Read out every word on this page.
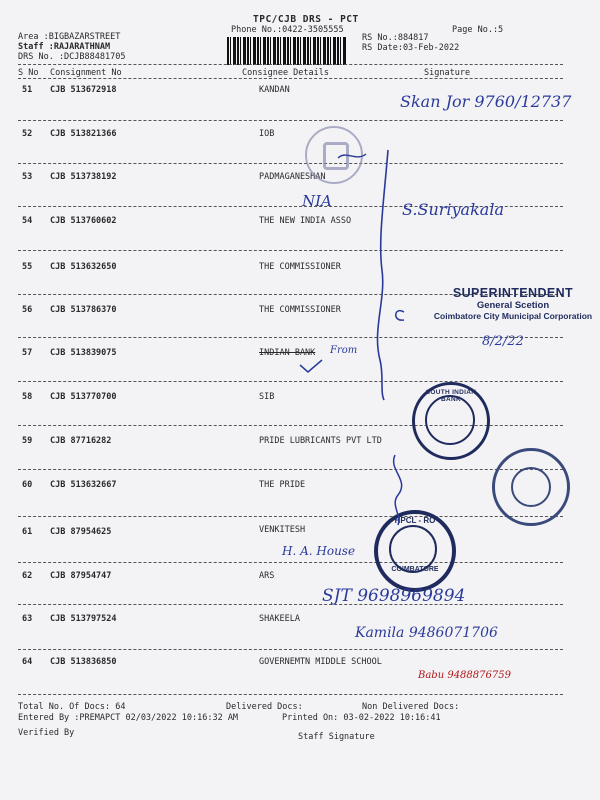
TPC/CJB DRS - PCT
Phone No.:0422-3505555	Page No.:5
Area :BIGBAZARSTREET
Staff :RAJARATHNAM
DRS No. :DCJB88481705
RS No.:884817
RS Date:03-Feb-2022
S No Consignment No	Consignee Details	Signature
51 CJB 513672918	KANDAN
52 CJB 513821366	IOB
53 CJB 513738192	PADMAGANESHAN
54 CJB 513760602	THE NEW INDIA ASSO
55 CJB 513632650	THE COMMISSIONER
56 CJB 513786370	THE COMMISSIONER
57 CJB 513839075	INDIAN BANK
58 CJB 513770700	SIB
59 CJB 87716282	PRIDE LUBRICANTS PVT LTD
60 CJB 513632667	THE PRIDE
61 CJB 87954625	VENKITESH
62 CJB 87954747	ARS
63 CJB 513797524	SHAKEELA
64 CJB 513836850	GOVERNEMTN MIDDLE SCHOOL
SUPERINTENDENT
General Scetion
Coimbatore City Municipal Corporation
SOUTH INDIAN BANK
HPCL - RO
COIMBATORE
Skan Jor 9760/12737
NIA	S.Suriyakala
From
8/2/22
H. A. House
SJT 9698969894
Kamila 9486071706
Babu 9488876759
Total No. Of Docs: 64	Delivered Docs:	Non Delivered Docs:
Entered By :PREMAPCT 02/03/2022 10:16:32 AM	Printed On: 03-02-2022 10:16:41
Verified By	Staff Signature
